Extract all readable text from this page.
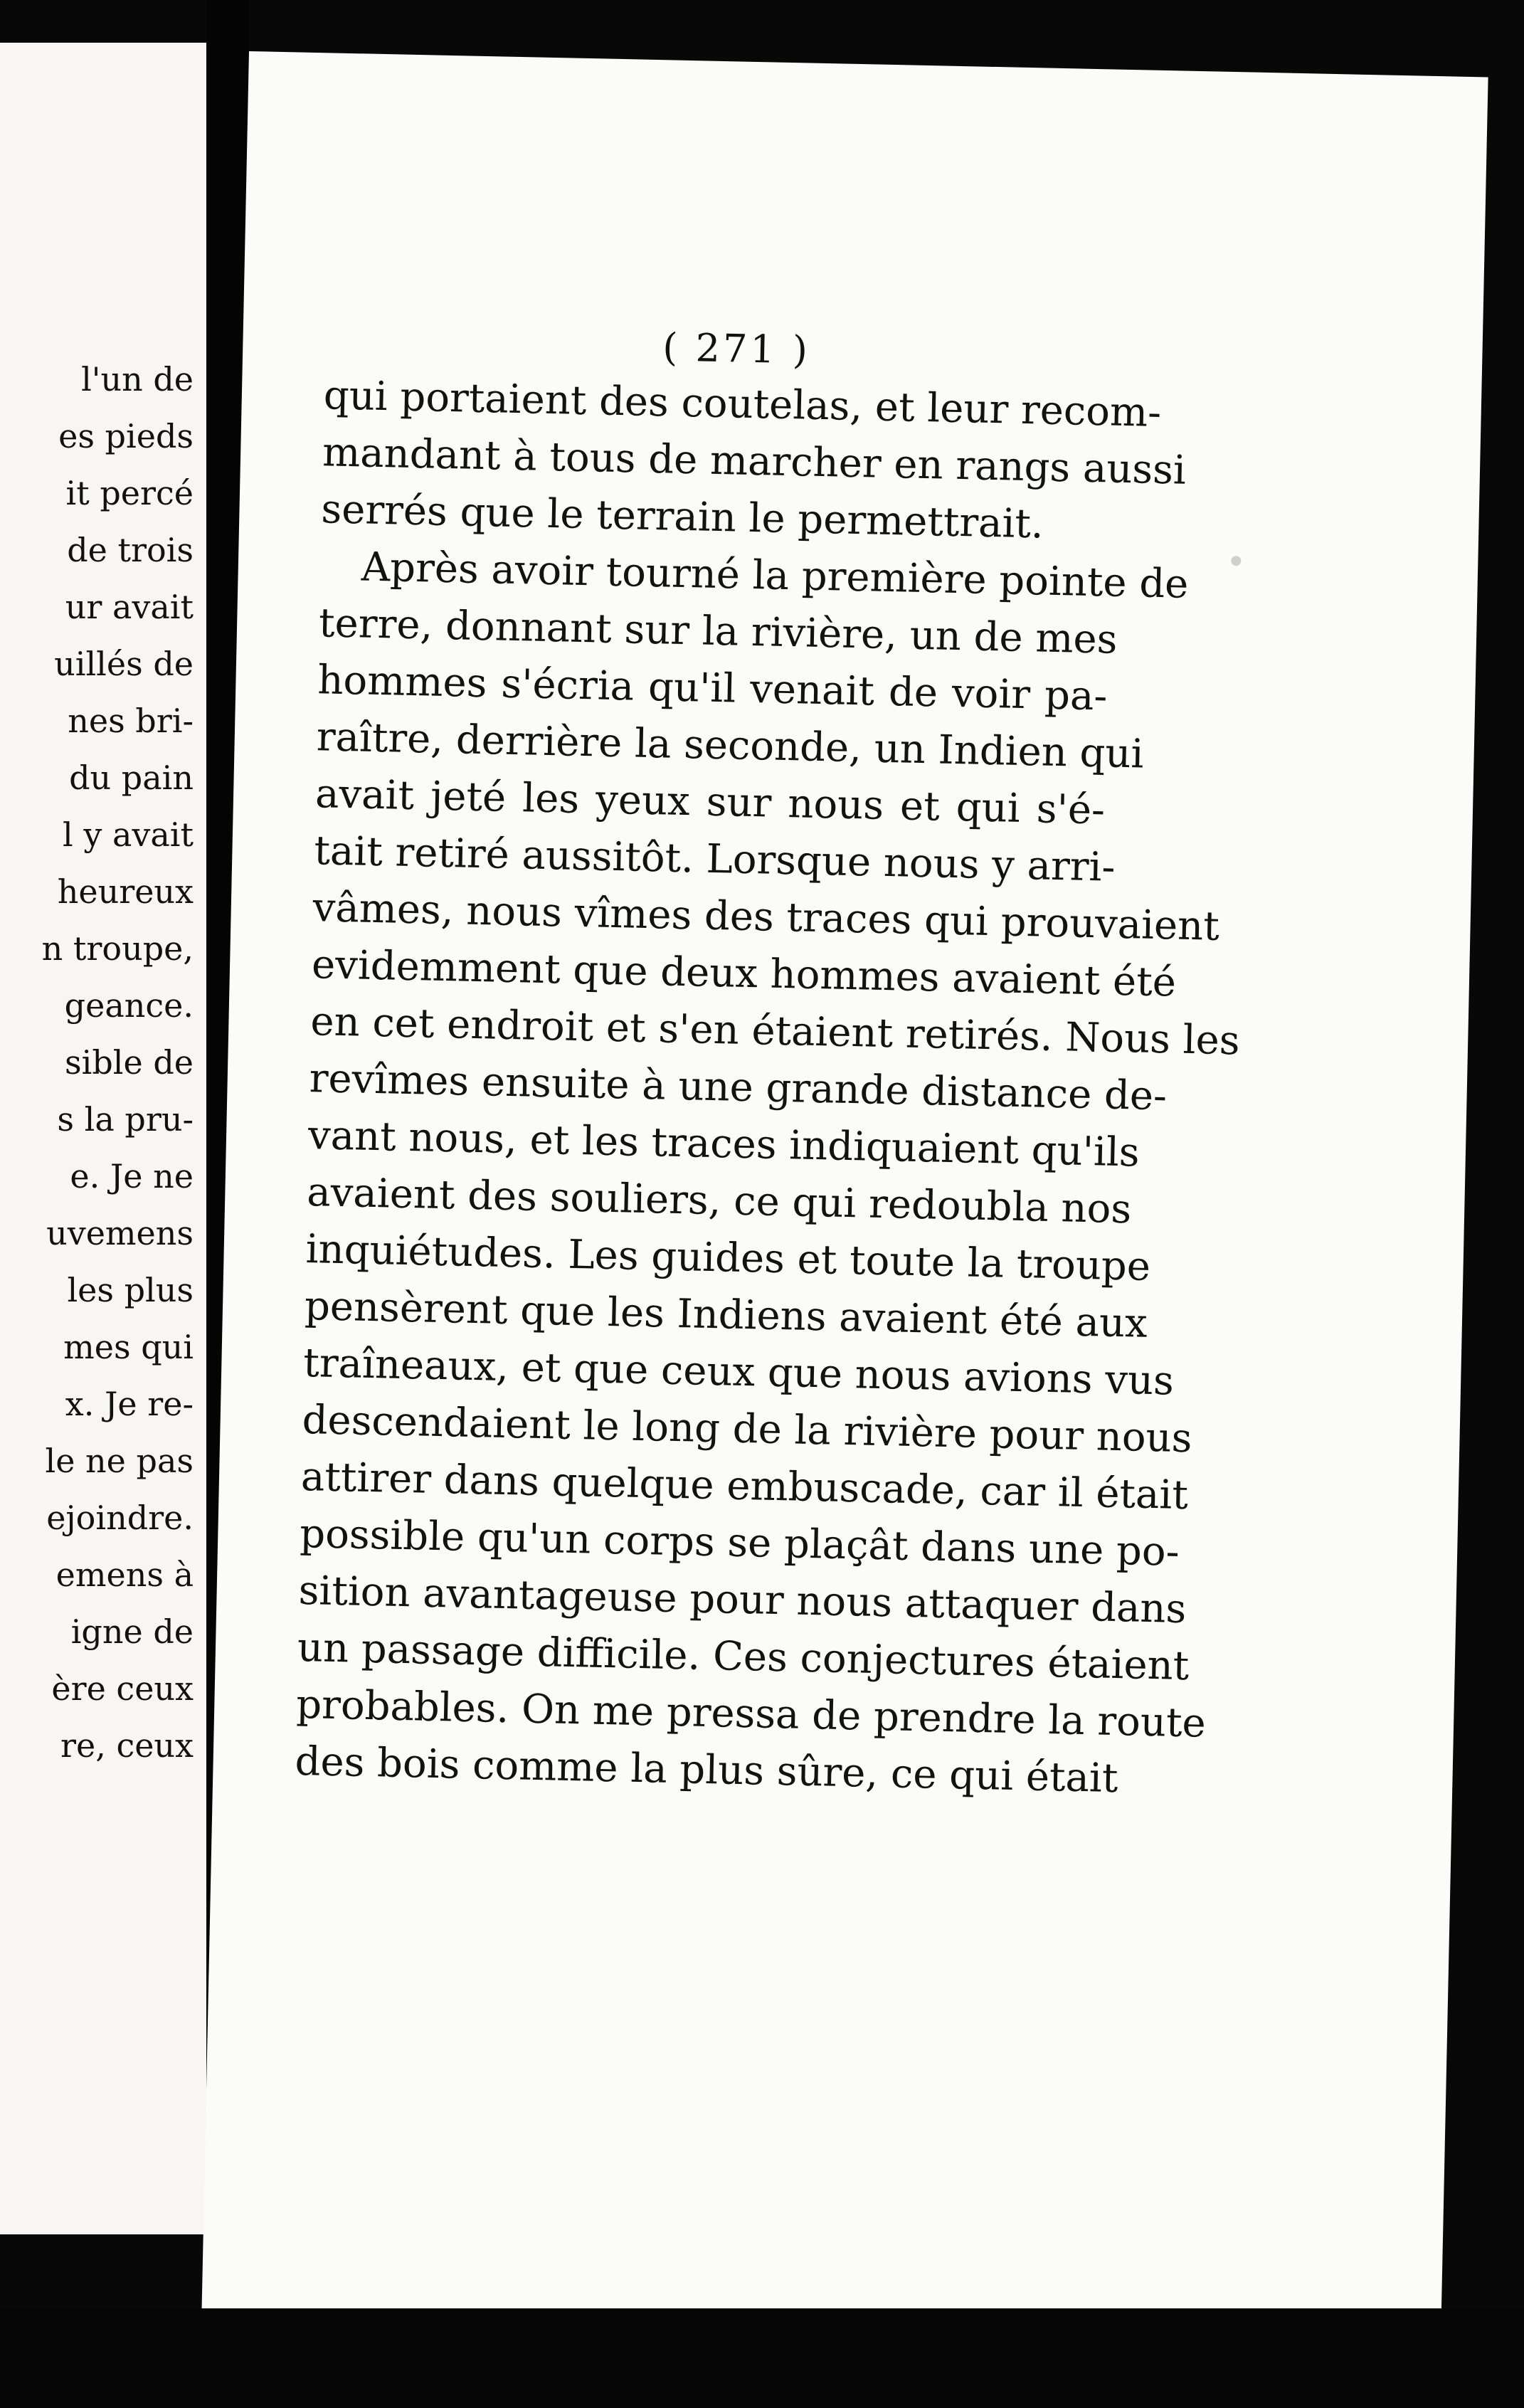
l'un de
es pieds
it percé
de trois
ur avait
uillés de
nes bri-
du pain
l y avait
heureux
n troupe,
geance.
sible de
s la pru-
e. Je ne
uvemens
les plus
mes qui
x. Je re-
le ne pas
ejoindre.
emens à
igne de
ère ceux
re, ceux
( 271 )
qui portaient des coutelas, et leur recom-
mandant à tous de marcher en rangs aussi
serrés que le terrain le permettrait.
Après avoir tourné la première pointe de
terre, donnant sur la rivière, un de mes
hommes s'écria qu'il venait de voir pa-
raître, derrière la seconde, un Indien qui
avait jeté les yeux sur nous et qui s'é-
tait retiré aussitôt. Lorsque nous y arri-
vâmes, nous vîmes des traces qui prouvaient
evidemment que deux hommes avaient été
en cet endroit et s'en étaient retirés. Nous les
revîmes ensuite à une grande distance de-
vant nous, et les traces indiquaient qu'ils
avaient des souliers, ce qui redoubla nos
inquiétudes. Les guides et toute la troupe
pensèrent que les Indiens avaient été aux
traîneaux, et que ceux que nous avions vus
descendaient le long de la rivière pour nous
attirer dans quelque embuscade, car il était
possible qu'un corps se plaçât dans une po-
sition avantageuse pour nous attaquer dans
un passage difficile. Ces conjectures étaient
probables. On me pressa de prendre la route
des bois comme la plus sûre, ce qui était
